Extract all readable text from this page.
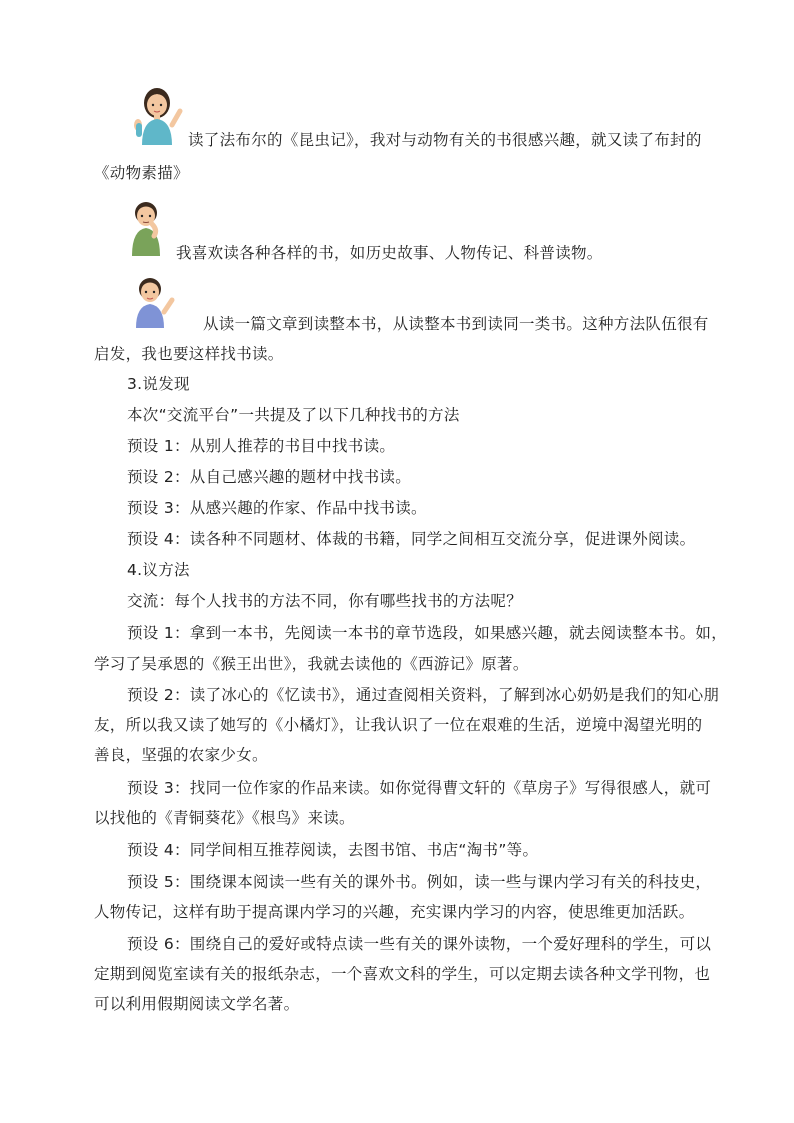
读了法布尔的《昆虫记》，我对与动物有关的书很感兴趣，就又读了布封的
《动物素描》
我喜欢读各种各样的书，如历史故事、人物传记、科普读物。
从读一篇文章到读整本书，从读整本书到读同一类书。这种方法队伍很有
启发，我也要这样找书读。
3.说发现
本次“交流平台”一共提及了以下几种找书的方法
预设 1：从别人推荐的书目中找书读。
预设 2：从自己感兴趣的题材中找书读。
预设 3：从感兴趣的作家、作品中找书读。
预设 4：读各种不同题材、体裁的书籍，同学之间相互交流分享，促进课外阅读。
4.议方法
交流：每个人找书的方法不同，你有哪些找书的方法呢？
预设 1：拿到一本书，先阅读一本书的章节选段，如果感兴趣，就去阅读整本书。如，
学习了吴承恩的《猴王出世》，我就去读他的《西游记》原著。
预设 2：读了冰心的《忆读书》，通过查阅相关资料，了解到冰心奶奶是我们的知心朋
友，所以我又读了她写的《小橘灯》，让我认识了一位在艰难的生活，逆境中渴望光明的
善良，坚强的农家少女。
预设 3：找同一位作家的作品来读。如你觉得曹文轩的《草房子》写得很感人，就可
以找他的《青铜葵花》《根鸟》来读。
预设 4：同学间相互推荐阅读，去图书馆、书店“淘书”等。
预设 5：围绕课本阅读一些有关的课外书。例如，读一些与课内学习有关的科技史，
人物传记，这样有助于提高课内学习的兴趣，充实课内学习的内容，使思维更加活跃。
预设 6：围绕自己的爱好或特点读一些有关的课外读物，一个爱好理科的学生，可以
定期到阅览室读有关的报纸杂志，一个喜欢文科的学生，可以定期去读各种文学刊物，也
可以利用假期阅读文学名著。
